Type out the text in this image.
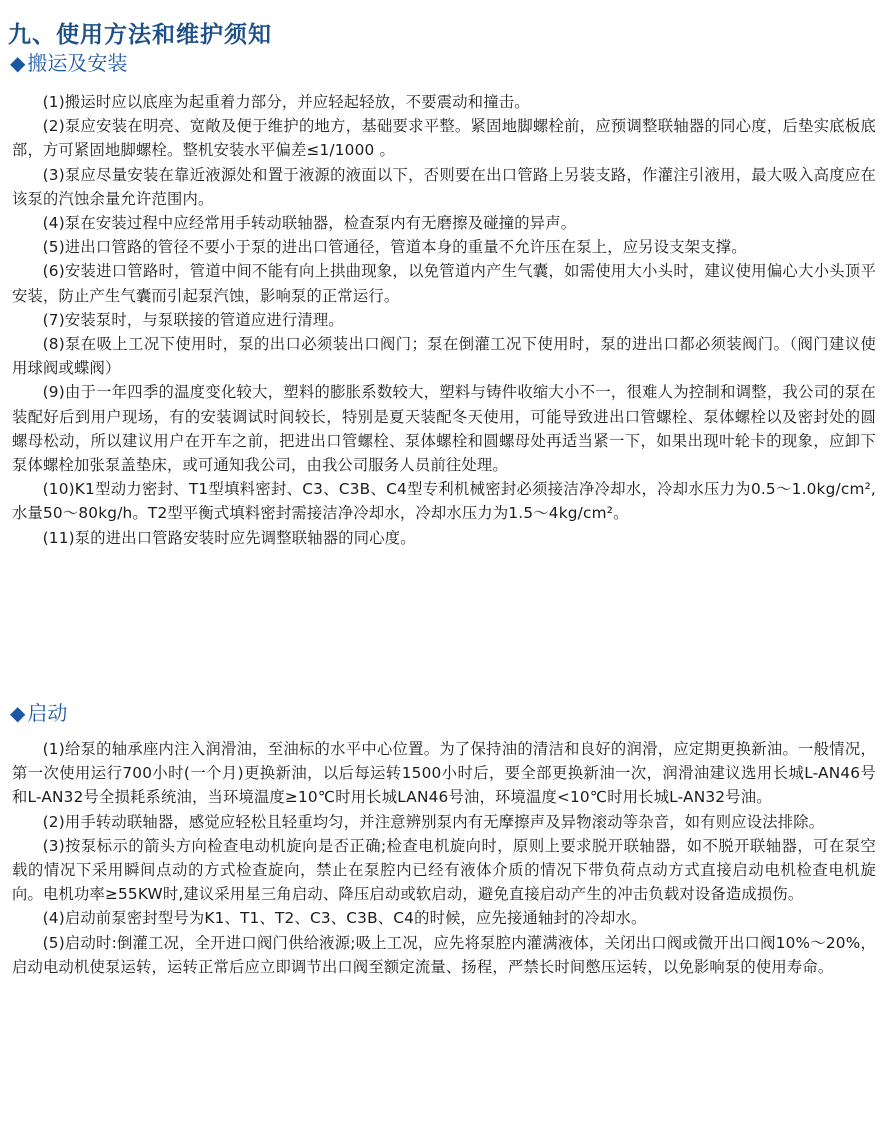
九、使用方法和维护须知
◆ 搬运及安装

(1)搬运时应以底座为起重着力部分，并应轻起轻放，不要震动和撞击。

(2)泵应安装在明亮、宽敞及便于维护的地方，基础要求平整。紧固地脚螺栓前，应预调整联轴器的同心度，后垫实底板底部，方可紧固地脚螺栓。整机安装水平偏差≤1/1000 。

(3)泵应尽量安装在靠近液源处和置于液源的液面以下，否则要在出口管路上另装支路，作灌注引液用，最大吸入高度应在该泵的汽蚀余量允许范围内。

(4)泵在安装过程中应经常用手转动联轴器，检查泵内有无磨擦及碰撞的异声。

(5)进出口管路的管径不要小于泵的进出口管通径，管道本身的重量不允许压在泵上，应另设支架支撑。

(6)安装进口管路时，管道中间不能有向上拱曲现象，以免管道内产生气囊，如需使用大小头时，建议使用偏心大小头顶平安装，防止产生气囊而引起泵汽蚀，影响泵的正常运行。

(7)安装泵时，与泵联接的管道应进行清理。

(8)泵在吸上工况下使用时，泵的出口必须装出口阀门；泵在倒灌工况下使用时，泵的进出口都必须装阀门。（阀门建议使用球阀或蝶阀）

(9)由于一年四季的温度变化较大，塑料的膨胀系数较大，塑料与铸件收缩大小不一，很难人为控制和调整，我公司的泵在装配好后到用户现场，有的安装调试时间较长，特别是夏天装配冬天使用，可能导致进出口管螺栓、泵体螺栓以及密封处的圆螺母松动，所以建议用户在开车之前，把进出口管螺栓、泵体螺栓和圆螺母处再适当紧一下，如果出现叶轮卡的现象，应卸下泵体螺栓加张泵盖垫床，或可通知我公司，由我公司服务人员前往处理。

(10)K1型动力密封、T1型填料密封、C3、C3B、C4型专利机械密封必须接洁净冷却水，冷却水压力为0.5～1.0kg/cm²,水量50～80kg/h。T2型平衡式填料密封需接洁净冷却水，冷却水压力为1.5～4kg/cm²。

(11)泵的进出口管路安装时应先调整联轴器的同心度。

◆ 启动

(1)给泵的轴承座内注入润滑油，至油标的水平中心位置。为了保持油的清洁和良好的润滑，应定期更换新油。一般情况，第一次使用运行700小时(一个月)更换新油，以后每运转1500小时后，要全部更换新油一次，润滑油建议选用长城L-AN46号和L-AN32号全损耗系统油，当环境温度≥10℃时用长城LAN46号油，环境温度<10℃时用长城L-AN32号油。

(2)用手转动联轴器，感觉应轻松且轻重均匀，并注意辨别泵内有无摩擦声及异物滚动等杂音，如有则应设法排除。

(3)按泵标示的箭头方向检查电动机旋向是否正确;检查电机旋向时，原则上要求脱开联轴器，如不脱开联轴器，可在泵空载的情况下采用瞬间点动的方式检查旋向，禁止在泵腔内已经有液体介质的情况下带负荷点动方式直接启动电机检查电机旋向。电机功率≥55KW时,建议采用星三角启动、降压启动或软启动，避免直接启动产生的冲击负载对设备造成损伤。

(4)启动前泵密封型号为K1、T1、T2、C3、C3B、C4的时候，应先接通轴封的冷却水。

(5)启动时:倒灌工况，全开进口阀门供给液源;吸上工况，应先将泵腔内灌满液体，关闭出口阀或微开出口阀10%～20%，启动电动机使泵运转，运转正常后应立即调节出口阀至额定流量、扬程，严禁长时间憋压运转，以免影响泵的使用寿命。
